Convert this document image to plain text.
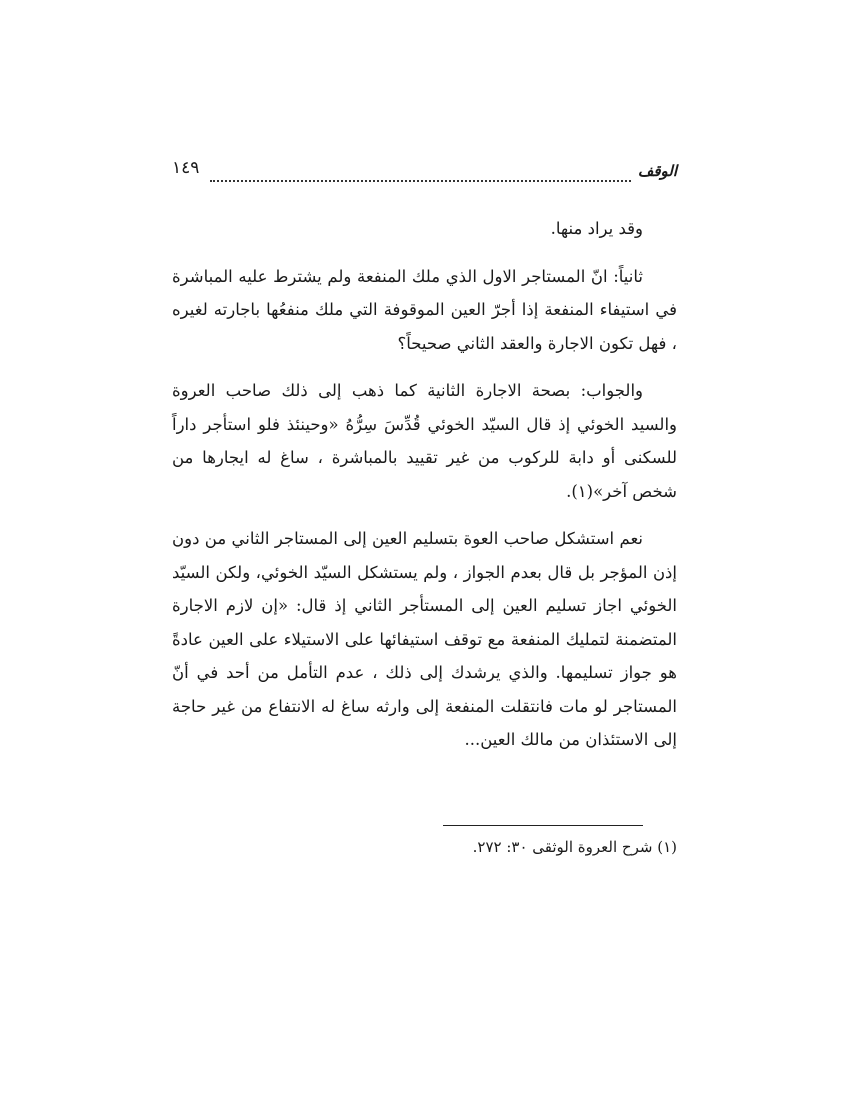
الوقف
١٤٩

وقد يراد منها.

ثانياً: انّ المستاجر الاول الذي ملك المنفعة ولم يشترط عليه المباشرة في استيفاء المنفعة إذا أجرّ العين الموقوفة التي ملك منفعُها باجارته لغيره ، فهل تكون الاجارة والعقد الثاني صحيحاً؟

والجواب: بصحة الاجارة الثانية كما ذهب إلى ذلك صاحب العروة والسيد الخوئي إذ قال السيّد الخوئي قُدِّسَ سِرُّهُ «وحينئذ فلو استأجر داراً للسكنى أو دابة للركوب من غير تقييد بالمباشرة ، ساغ له ايجارها من شخص آخر»(١).

نعم استشكل صاحب العوة بتسليم العين إلى المستاجر الثاني من دون إذن المؤجر بل قال بعدم الجواز ، ولم يستشكل السيّد الخوئي، ولكن السيّد الخوئي اجاز تسليم العين إلى المستأجر الثاني إذ قال: «إن لازم الاجارة المتضمنة لتمليك المنفعة مع توقف استيفائها على الاستيلاء على العين عادةً هو جواز تسليمها. والذي يرشدك إلى ذلك ، عدم التأمل من أحد في أنّ المستاجر لو مات فانتقلت المنفعة إلى وارثه ساغ له الانتفاع من غير حاجة إلى الاستئذان من مالك العين...

(١) شرح العروة الوثقى ٣٠: ٢٧٢.
